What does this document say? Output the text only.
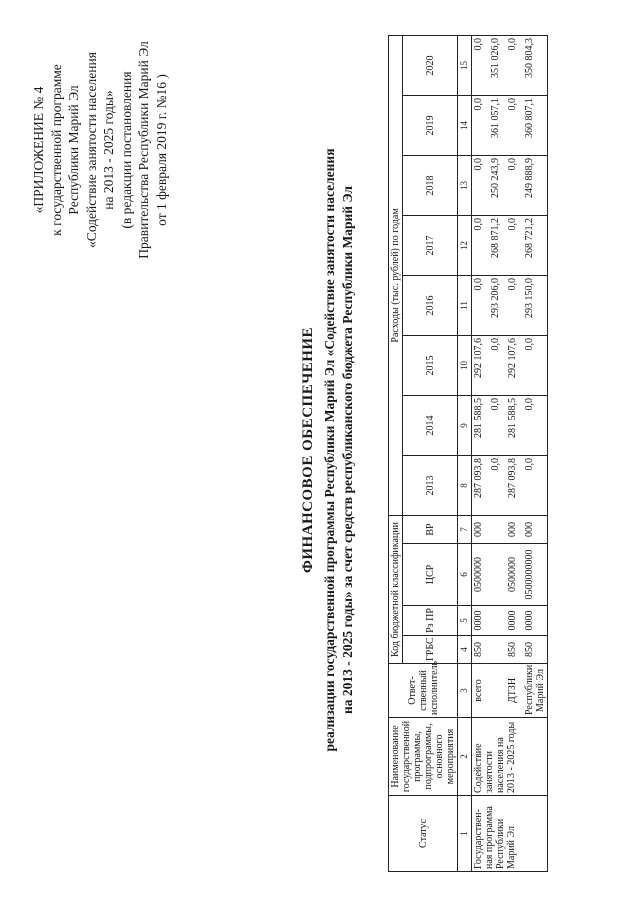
«ПРИЛОЖЕНИЕ № 4 к государственной программе Республики Марий Эл «Содействие занятости населения на 2013 - 2025 годы» (в редакции постановления Правительства Республики Марий Эл от 1 февраля 2019 г. №16 )
ФИНАНСОВОЕ ОБЕСПЕЧЕНИЕ реализации государственной программы Республики Марий Эл «Содействие занятости населения на 2013 - 2025 годы» за счет средств республиканского бюджета Республики Марий Эл
Статус	Наименование государственной программы, подпрограммы, основного мероприятия	Ответ-ственный исполнитель	Код бюджетной классификации				Расходы (тыс. рублей) по годам							
			ГРБС	Рз ПР	ЦСР	ВР	2013	2014	2015	2016	2017	2018	2019	2020

1	2	3	4	5	6	7	8	9	10	11	12	13	14	15
Государствен-ная программа Республики Марий Эл	Содействие занятости населения на 2013 - 2025 годы	всего	850	0000	0500000	000	287 093,8	281 588,5	292 107,6	0,0	0,0	0,0	0,0	0,0
							0,0	0,0	0,0	293 206,0	268 871,2	250 243,9	361 057,1	351 026,0
		ДТЗН	850	0000	0500000	000	287 093,8	281 588,5	292 107,6	0,0	0,0	0,0	0,0	0,0
		Республики Марий Эл	850	0000	0500000000	000	0,0	0,0	0,0	293 150,0	268 721,2	249 888,9	360 807,1	350 804,3
